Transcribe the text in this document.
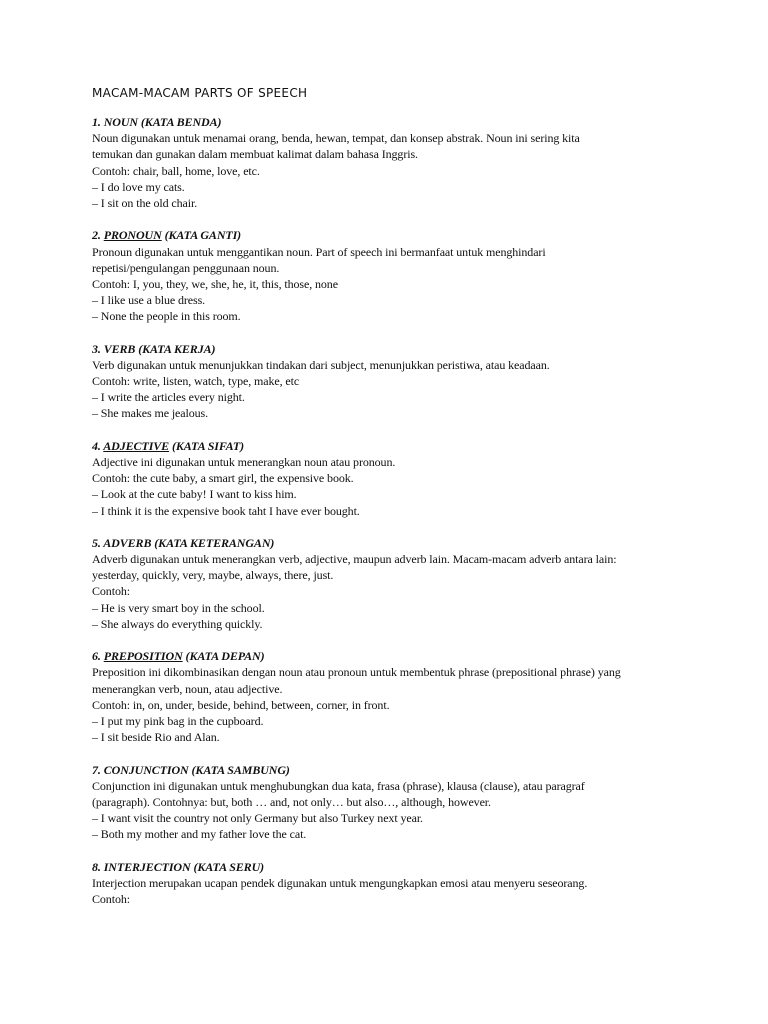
MACAM-MACAM PARTS OF SPEECH
1. NOUN (KATA BENDA)
Noun digunakan untuk menamai orang, benda, hewan, tempat, dan konsep abstrak. Noun ini sering kita
temukan dan gunakan dalam membuat kalimat dalam bahasa Inggris.
Contoh: chair, ball, home, love, etc.
– I do love my cats.
– I sit on the old chair.
2. PRONOUN (KATA GANTI)
Pronoun digunakan untuk menggantikan noun. Part of speech ini bermanfaat untuk menghindari
repetisi/pengulangan penggunaan noun.
Contoh: I, you, they, we, she, he, it, this, those, none
– I like use a blue dress.
– None the people in this room.
3. VERB (KATA KERJA)
Verb digunakan untuk menunjukkan tindakan dari subject, menunjukkan peristiwa, atau keadaan.
Contoh: write, listen, watch, type, make, etc
– I write the articles every night.
– She makes me jealous.
4. ADJECTIVE (KATA SIFAT)
Adjective ini digunakan untuk menerangkan noun atau pronoun.
Contoh: the cute baby, a smart girl, the expensive book.
– Look at the cute baby! I want to kiss him.
– I think it is the expensive book taht I have ever bought.
5. ADVERB (KATA KETERANGAN)
Adverb digunakan untuk menerangkan verb, adjective, maupun adverb lain. Macam-macam adverb antara lain:
yesterday, quickly, very, maybe, always, there, just.
Contoh:
– He is very smart boy in the school.
– She always do everything quickly.
6. PREPOSITION (KATA DEPAN)
Preposition ini dikombinasikan dengan noun atau pronoun untuk membentuk phrase (prepositional phrase) yang
menerangkan verb, noun, atau adjective.
Contoh: in, on, under, beside, behind, between, corner, in front.
– I put my pink bag in the cupboard.
– I sit beside Rio and Alan.
7. CONJUNCTION (KATA SAMBUNG)
Conjunction ini digunakan untuk menghubungkan dua kata, frasa (phrase), klausa (clause), atau paragraf
(paragraph). Contohnya: but, both … and, not only… but also…, although, however.
– I want visit the country not only Germany but also Turkey next year.
– Both my mother and my father love the cat.
8. INTERJECTION (KATA SERU)
Interjection merupakan ucapan pendek digunakan untuk mengungkapkan emosi atau menyeru seseorang.
Contoh:
